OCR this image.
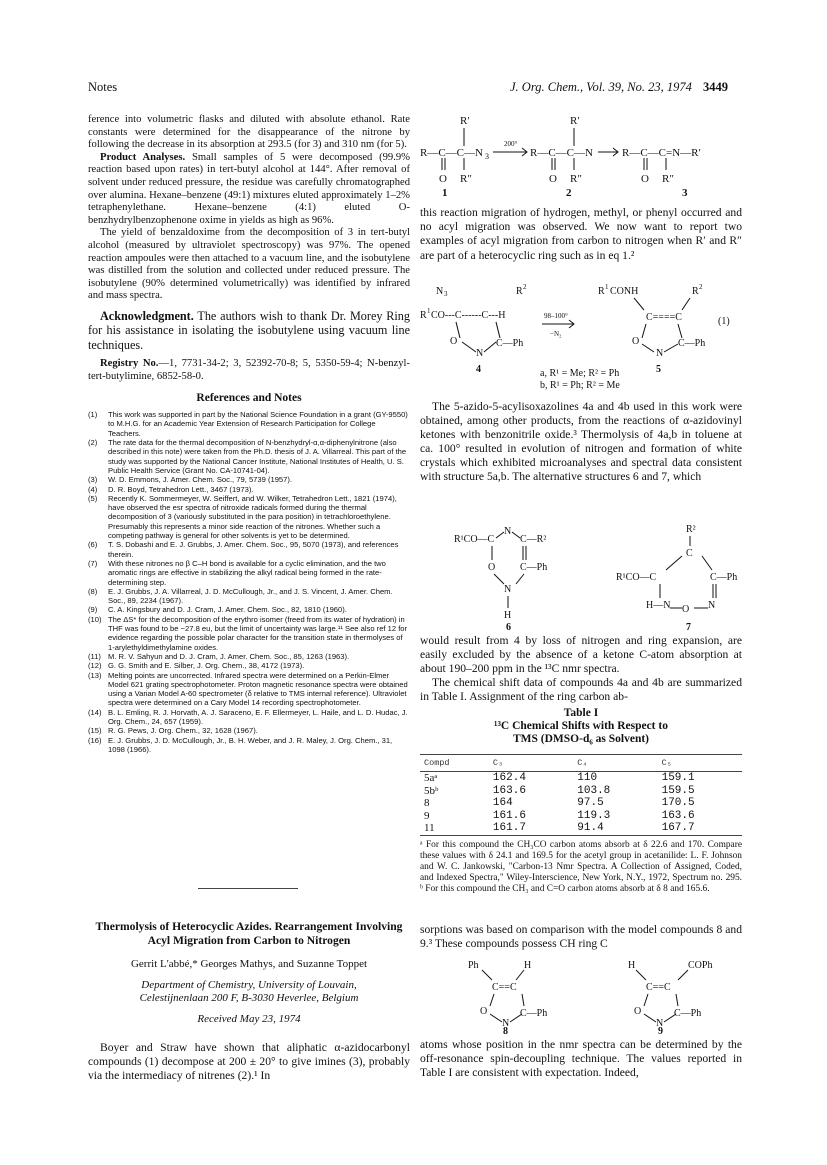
Notes	J. Org. Chem., Vol. 39, No. 23, 1974 3449

ference into volumetric flasks and diluted with absolute ethanol. Rate constants were determined for the disappearance of the nitrone by following the decrease in its absorption at 293.5 (for 3) and 310 nm (for 5).

Product Analyses. Small samples of 5 were decomposed (99.9% reaction based upon rates) in tert-butyl alcohol at 144°. After removal of solvent under reduced pressure, the residue was carefully chromatographed over alumina. Hexane–benzene (49:1) mixtures eluted approximately 1–2% tetraphenylethane. Hexane–benzene (4:1) eluted O-benzhydrylbenzophenone oxime in yields as high as 96%.

The yield of benzaldoxime from the decomposition of 3 in tert-butyl alcohol (measured by ultraviolet spectroscopy) was 97%. The opened reaction ampoules were then attached to a vacuum line, and the isobutylene was distilled from the solution and collected under reduced pressure. The isobutylene (90% determined volumetrically) was identified by infrared and mass spectra.

Acknowledgment. The authors wish to thank Dr. Morey Ring for his assistance in isolating the isobutylene using vacuum line techniques.

Registry No.—1, 7731-34-2; 3, 52392-70-8; 5, 5350-59-4; N-benzyl-tert-butylimine, 6852-58-0.

References and Notes
(1)	This work was supported in part by the National Science Foundation in a grant (GY-9550) to M.H.G. for an Academic Year Extension of Research Participation for College Teachers.
(2)	The rate data for the thermal decomposition of N-benzhydryl-α,α-diphenylnitrone (also described in this note) were taken from the Ph.D. thesis of J. A. Villarreal. This part of the study was supported by the National Cancer Institute, National Institutes of Health, U. S. Public Health Service (Grant No. CA-10741-04).
(3)	W. D. Emmons, J. Amer. Chem. Soc., 79, 5739 (1957).
(4)	D. R. Boyd, Tetrahedron Lett., 3467 (1973).
(5)	Recently K. Sommermeyer, W. Seiffert, and W. Wilker, Tetrahedron Lett., 1821 (1974), have observed the esr spectra of nitroxide radicals formed during the thermal decomposition of 3 (variously substituted in the para position) in tetrachloroethylene. Presumably this represents a minor side reaction of the nitrones. Whether such a competing pathway is general for other solvents is yet to be determined.
(6)	T. S. Dobashi and E. J. Grubbs, J. Amer. Chem. Soc., 95, 5070 (1973), and references therein.
(7)	With these nitrones no β C–H bond is available for a cyclic elimination, and the two aromatic rings are effective in stabilizing the alkyl radical being formed in the rate-determining step.
(8)	E. J. Grubbs, J. A. Villarreal, J. D. McCullough, Jr., and J. S. Vincent, J. Amer. Chem. Soc., 89, 2234 (1967).
(9)	C. A. Kingsbury and D. J. Cram, J. Amer. Chem. Soc., 82, 1810 (1960).
(10) The ΔS* for the decomposition of the erythro isomer (freed from its water of hydration) in THF was found to be −27.8 eu, but the limit of uncertainty was large.¹¹ See also ref 12 for evidence regarding the possible polar character for the transition state in thermolyses of 1-arylethyldimethylamine oxides.
(11) M. R. V. Sahyun and D. J. Cram, J. Amer. Chem. Soc., 85, 1263 (1963).
(12) G. G. Smith and E. Silber, J. Org. Chem., 38, 4172 (1973).
(13) Melting points are uncorrected. Infrared spectra were determined on a Perkin-Elmer Model 621 grating spectrophotometer. Proton magnetic resonance spectra were obtained using a Varian Model A-60 spectrometer (δ relative to TMS internal reference). Ultraviolet spectra were determined on a Cary Model 14 recording spectrophotometer.
(14) B. L. Emling, R. J. Horvath, A. J. Saraceno, E. F. Ellermeyer, L. Haile, and L. D. Hudac, J. Org. Chem., 24, 657 (1959).
(15) R. G. Pews, J. Org. Chem., 32, 1628 (1967).
(16) E. J. Grubbs, J. D. McCullough, Jr., B. H. Weber, and J. R. Maley, J. Org. Chem., 31, 1098 (1966).
Thermolysis of Heterocyclic Azides. Rearrangement Involving Acyl Migration from Carbon to Nitrogen
Gerrit L'abbé,* Georges Mathys, and Suzanne Toppet
Department of Chemistry, University of Louvain,
Celestijnenlaan 200 F, B-3030 Heverlee, Belgium
Received May 23, 1974

Boyer and Straw have shown that aliphatic α-azidocarbonyl compounds (1) decompose at 200 ± 20° to give imines (3), probably via the intermediacy of nitrenes (2).¹ In

R—C—C—N 3
O
R′
R″
200°
R—C—C—N
O
R′
R″
R—C—C=N—R′
O R″
1	2	3

this reaction migration of hydrogen, methyl, or phenyl occurred and no acyl migration was observed. We now want to report two examples of acyl migration from carbon to nitrogen when R′ and R″ are part of a heterocyclic ring such as in eq 1.²

N 3	R 2
R 1 CO---C------C---H
O	C—Ph
N
98–100°
−N₂
R 1 CONH	R 2
C====C
O	C—Ph
N
(1)
4	5
a, R¹ = Me; R² = Ph
b, R¹ = Ph; R² = Me

The 5-azido-5-acylisoxazolines 4a and 4b used in this work were obtained, among other products, from the reactions of α-azidovinyl ketones with benzonitrile oxide.³ Thermolysis of 4a,b in toluene at ca. 100° resulted in evolution of nitrogen and formation of white crystals which exhibited microanalyses and spectral data consistent with structure 5a,b. The alternative structures 6 and 7, which

R¹CO—C
N
C—R²
O C—Ph
N
H
6
R²
C
R¹CO—C	C—Ph
H—N	N
O
7

would result from 4 by loss of nitrogen and ring expansion, are easily excluded by the absence of a ketone C-atom absorption at about 190–200 ppm in the ¹³C nmr spectra.

The chemical shift data of compounds 4a and 4b are summarized in Table I. Assignment of the ring carbon ab-

Table I
¹³C Chemical Shifts with Respect to
TMS (DMSO-d₆ as Solvent)
Compd	C₃	C₄	C₅
5aᵃ	162.4	110	159.1
5bᵇ	163.6	103.8	159.5
8	164	97.5	170.5
9	161.6	119.3	163.6
11	161.7	91.4	167.7
ᵃ For this compound the CH₃CO carbon atoms absorb at δ 22.6 and 170. Compare these values with δ 24.1 and 169.5 for the acetyl group in acetanilide: L. F. Johnson and W. C. Jankowski, "Carbon-13 Nmr Spectra. A Collection of Assigned, Coded, and Indexed Spectra," Wiley-Interscience, New York, N.Y., 1972, Spectrum no. 295. ᵇ For this compound the CH₃ and C=O carbon atoms absorb at δ 8 and 165.6.

sorptions was based on comparison with the model compounds 8 and 9.³ These compounds possess CH ring C

Ph	H
C==C
O	C—Ph
N
8
H	COPh
C==C
O	C—Ph
N
9

atoms whose position in the nmr spectra can be determined by the off-resonance spin-decoupling technique. The values reported in Table I are consistent with expectation. Indeed,
